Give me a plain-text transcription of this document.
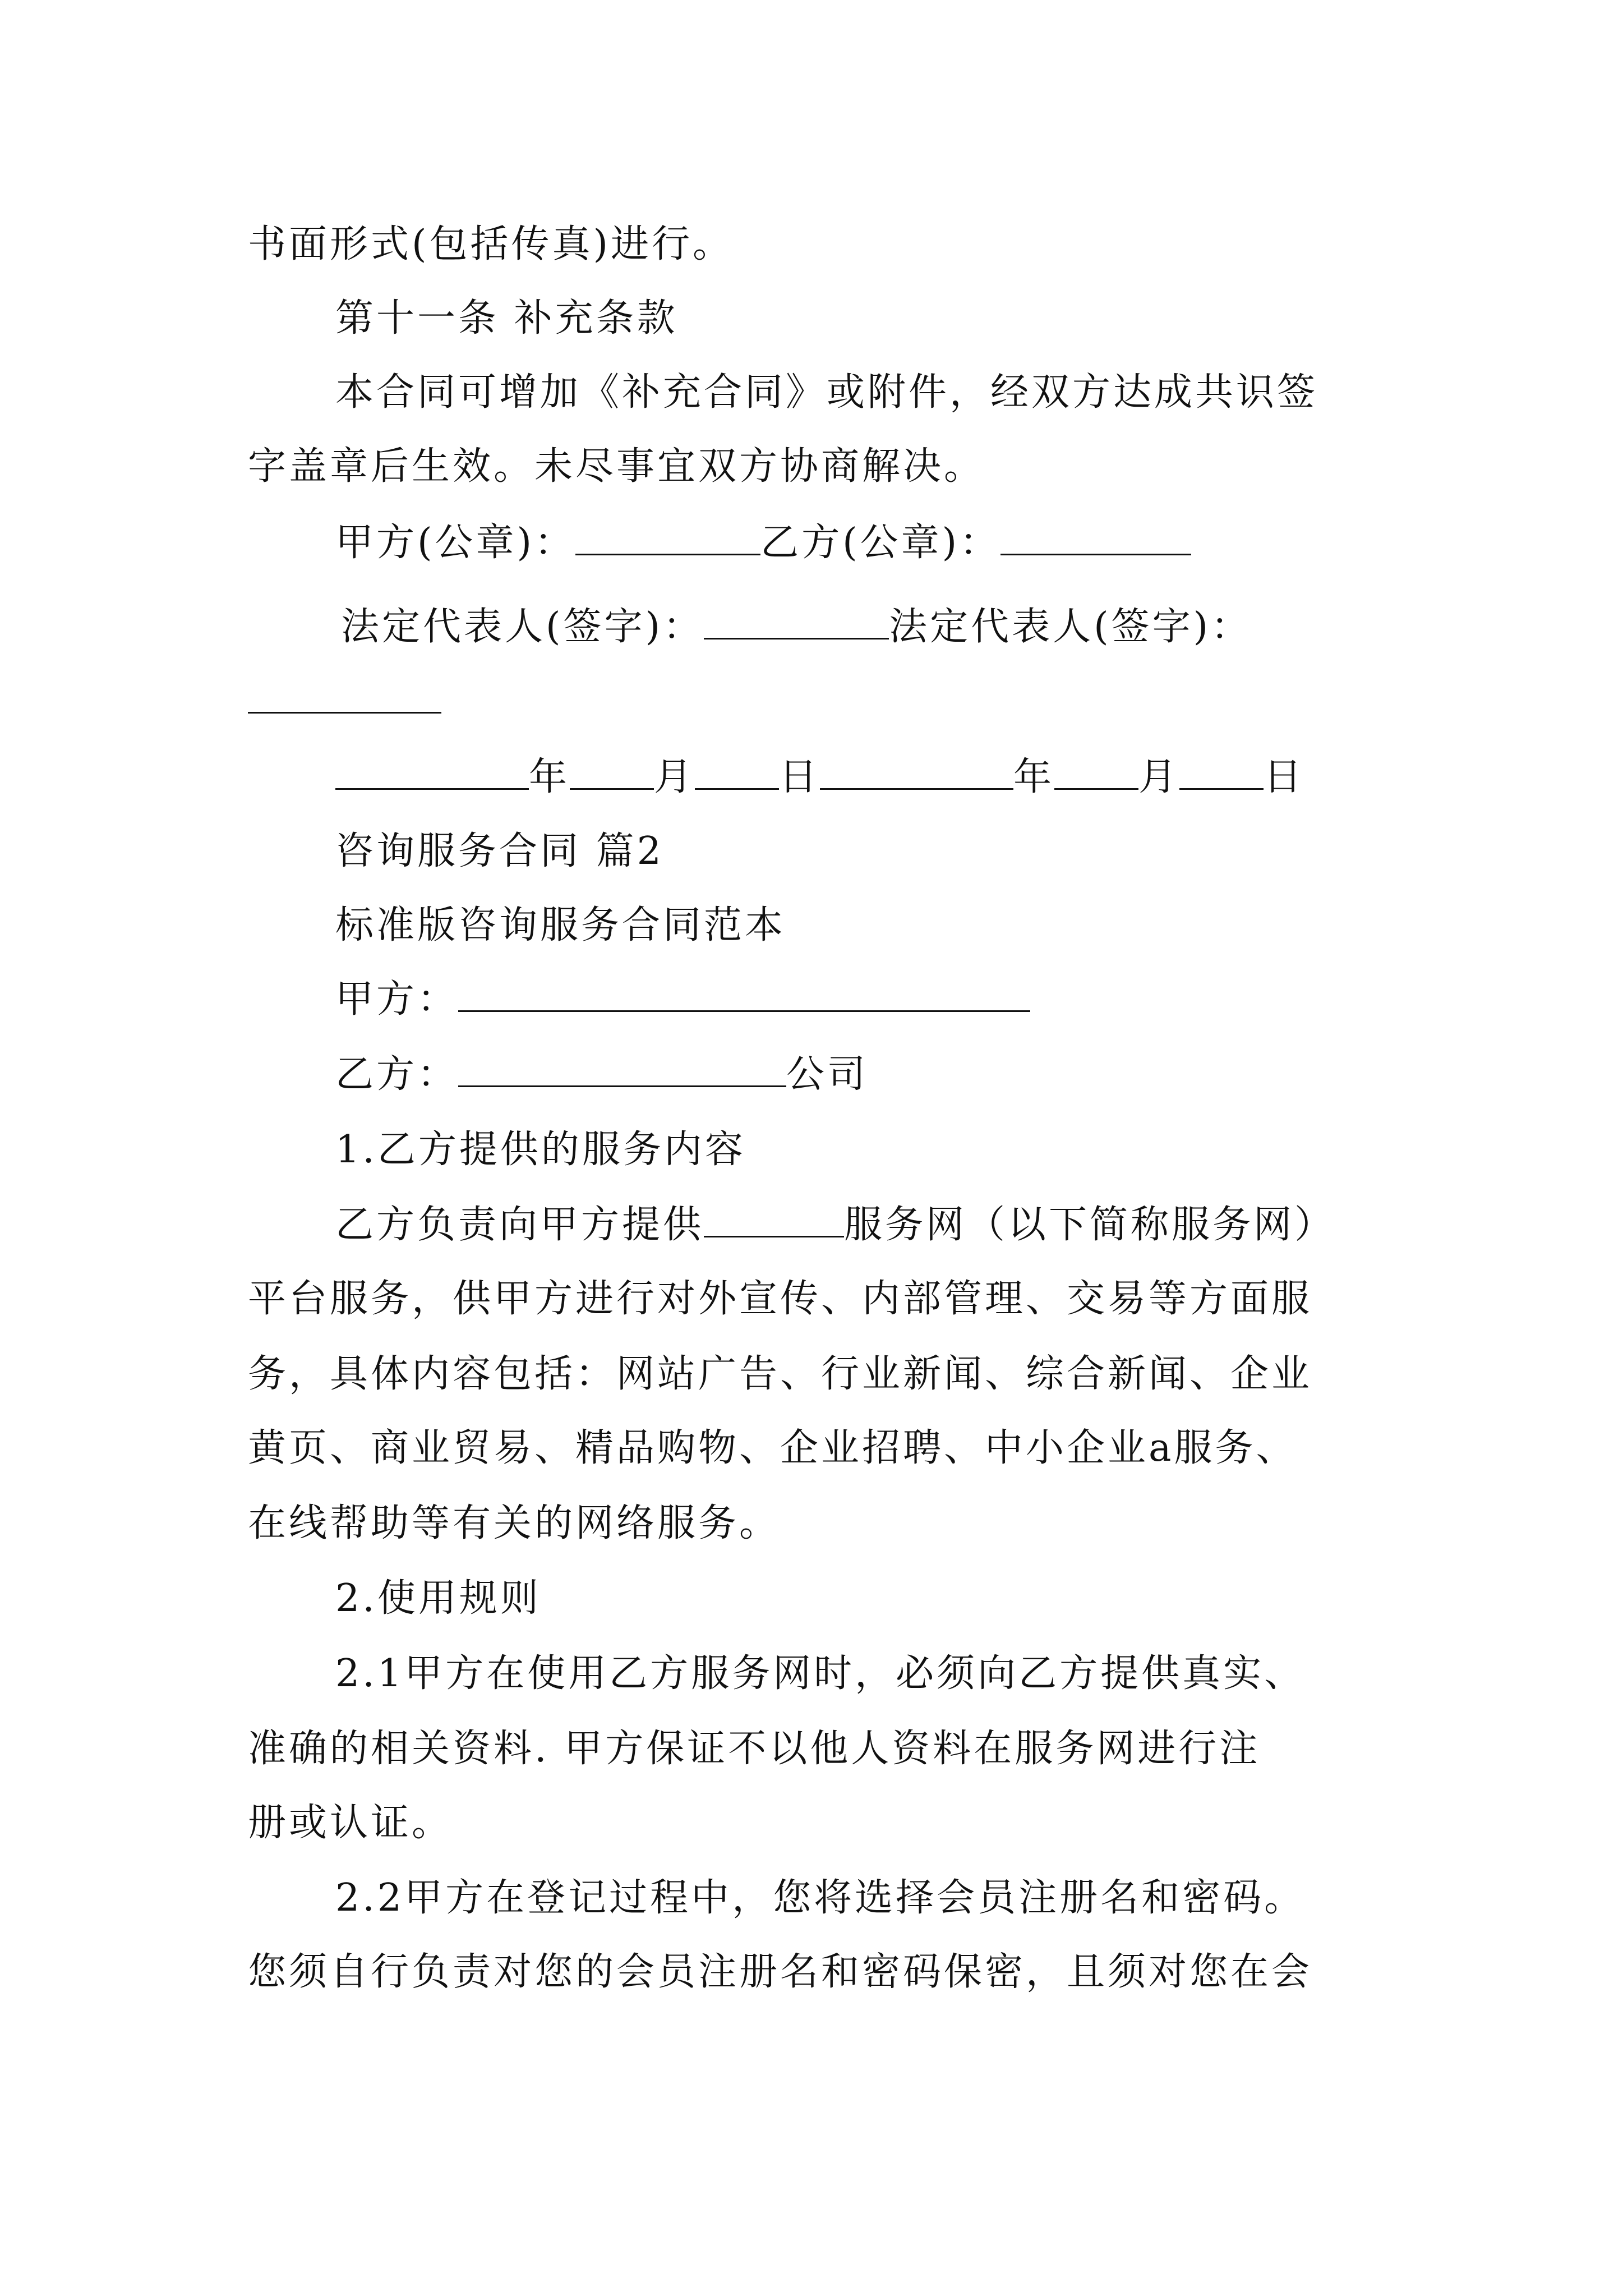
书面形式(包括传真)进行。
第十一条 补充条款
本合同可增加《补充合同》或附件，经双方达成共识签
字盖章后生效。未尽事宜双方协商解决。
甲方(公章)：	乙方(公章)：
法定代表人(签字)：	法定代表人(签字)：
年 月 日	年 月 日
咨询服务合同 篇2
标准版咨询服务合同范本
甲方：
乙方：	公司
1.乙方提供的服务内容
乙方负责向甲方提供	服务网（以下简称服务网）
平台服务，供甲方进行对外宣传、内部管理、交易等方面服
务，具体内容包括：网站广告、行业新闻、综合新闻、企业
黄页、商业贸易、精品购物、企业招聘、中小企业a服务、
在线帮助等有关的网络服务。
2.使用规则
2.1甲方在使用乙方服务网时，必须向乙方提供真实、
准确的相关资料. 甲方保证不以他人资料在服务网进行注
册或认证。
2.2甲方在登记过程中，您将选择会员注册名和密码。
您须自行负责对您的会员注册名和密码保密，且须对您在会
